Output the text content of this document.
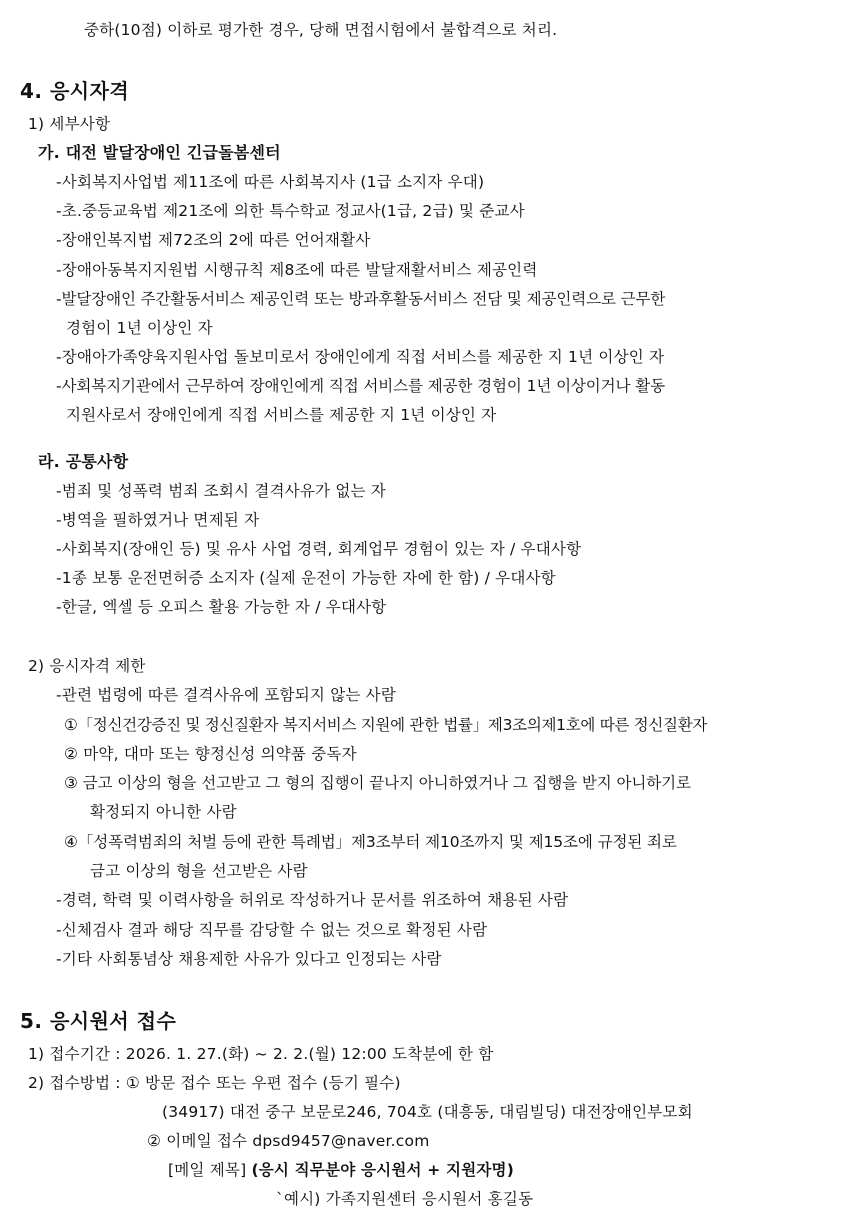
중하(10점) 이하로 평가한 경우, 당해 면접시험에서 불합격으로 처리.
4. 응시자격
1) 세부사항
가. 대전 발달장애인 긴급돌봄센터
-사회복지사업법 제11조에 따른 사회복지사 (1급 소지자 우대)
-초.중등교육법 제21조에 의한 특수학교 정교사(1급, 2급) 및 준교사
-장애인복지법 제72조의 2에 따른 언어재활사
-장애아동복지지원법 시행규칙 제8조에 따른 발달재활서비스 제공인력
-발달장애인 주간활동서비스 제공인력 또는 방과후활동서비스 전담 및 제공인력으로 근무한
경험이 1년 이상인 자
-장애아가족양육지원사업 돌보미로서 장애인에게 직접 서비스를 제공한 지 1년 이상인 자
-사회복지기관에서 근무하여 장애인에게 직접 서비스를 제공한 경험이 1년 이상이거나 활동
지원사로서 장애인에게 직접 서비스를 제공한 지 1년 이상인 자
라. 공통사항
-범죄 및 성폭력 범죄 조회시 결격사유가 없는 자
-병역을 필하였거나 면제된 자
-사회복지(장애인 등) 및 유사 사업 경력, 회계업무 경험이 있는 자 / 우대사항
-1종 보통 운전면허증 소지자 (실제 운전이 가능한 자에 한 함) / 우대사항
-한글, 엑셀 등 오피스 활용 가능한 자 / 우대사항
2) 응시자격 제한
-관련 법령에 따른 결격사유에 포함되지 않는 사람
①「정신건강증진 및 정신질환자 복지서비스 지원에 관한 법률」제3조의제1호에 따른 정신질환자
② 마약, 대마 또는 향정신성 의약품 중독자
③ 금고 이상의 형을 선고받고 그 형의 집행이 끝나지 아니하였거나 그 집행을 받지 아니하기로
확정되지 아니한 사람
④「성폭력범죄의 처벌 등에 관한 특례법」제3조부터 제10조까지 및 제15조에 규정된 죄로
금고 이상의 형을 선고받은 사람
-경력, 학력 및 이력사항을 허위로 작성하거나 문서를 위조하여 채용된 사람
-신체검사 결과 해당 직무를 감당할 수 없는 것으로 확정된 사람
-기타 사회통념상 채용제한 사유가 있다고 인정되는 사람
5. 응시원서 접수
1) 접수기간 : 2026. 1. 27.(화) ~ 2. 2.(월) 12:00 도착분에 한 함
2) 접수방법 : ① 방문 접수 또는 우편 접수 (등기 필수)
(34917) 대전 중구 보문로246, 704호 (대흥동, 대림빌딩) 대전장애인부모회
② 이메일 접수 dpsd9457@naver.com
[메일 제목] (응시 직무분야 응시원서 + 지원자명)
`예시) 가족지원센터 응시원서 홍길동
